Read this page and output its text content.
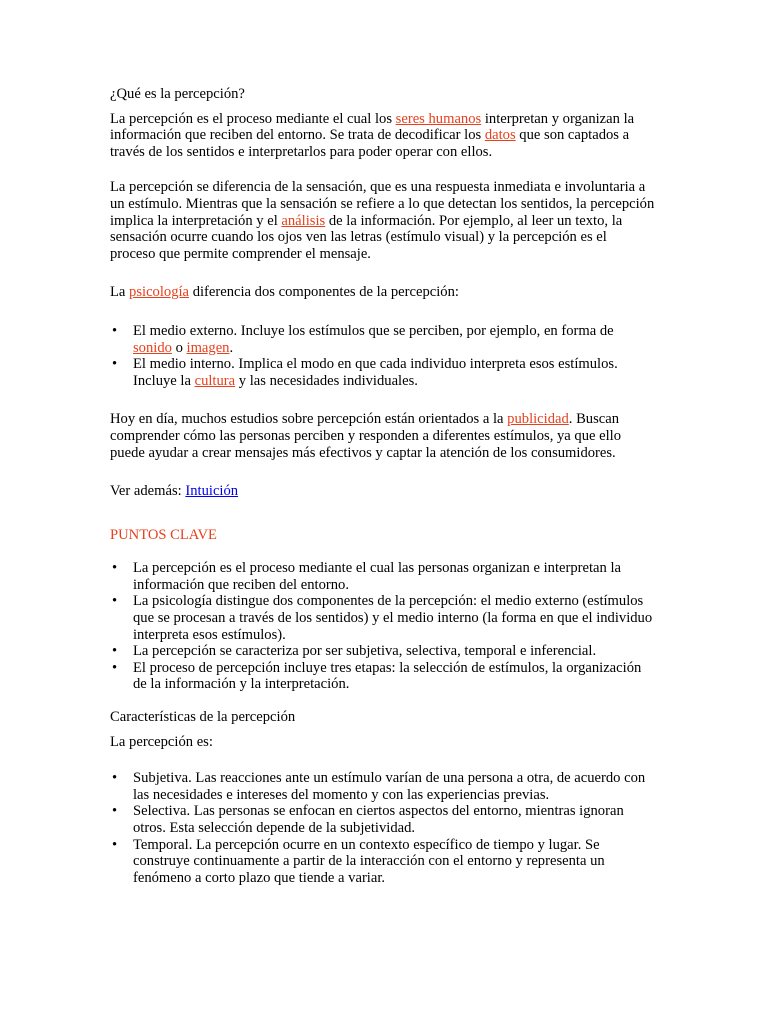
¿Qué es la percepción?

La percepción es el proceso mediante el cual los seres humanos interpretan y organizan la información que reciben del entorno. Se trata de decodificar los datos que son captados a través de los sentidos e interpretarlos para poder operar con ellos.

La percepción se diferencia de la sensación, que es una respuesta inmediata e involuntaria a un estímulo. Mientras que la sensación se refiere a lo que detectan los sentidos, la percepción implica la interpretación y el análisis de la información. Por ejemplo, al leer un texto, la sensación ocurre cuando los ojos ven las letras (estímulo visual) y la percepción es el proceso que permite comprender el mensaje.

La psicología diferencia dos componentes de la percepción:

• El medio externo. Incluye los estímulos que se perciben, por ejemplo, en forma de sonido o imagen.
• El medio interno. Implica el modo en que cada individuo interpreta esos estímulos. Incluye la cultura y las necesidades individuales.

Hoy en día, muchos estudios sobre percepción están orientados a la publicidad. Buscan comprender cómo las personas perciben y responden a diferentes estímulos, ya que ello puede ayudar a crear mensajes más efectivos y captar la atención de los consumidores.

Ver además: Intuición

PUNTOS CLAVE

• La percepción es el proceso mediante el cual las personas organizan e interpretan la información que reciben del entorno.
• La psicología distingue dos componentes de la percepción: el medio externo (estímulos que se procesan a través de los sentidos) y el medio interno (la forma en que el individuo interpreta esos estímulos).
• La percepción se caracteriza por ser subjetiva, selectiva, temporal e inferencial.
• El proceso de percepción incluye tres etapas: la selección de estímulos, la organización de la información y la interpretación.

Características de la percepción

La percepción es:

• Subjetiva. Las reacciones ante un estímulo varían de una persona a otra, de acuerdo con las necesidades e intereses del momento y con las experiencias previas.
• Selectiva. Las personas se enfocan en ciertos aspectos del entorno, mientras ignoran otros. Esta selección depende de la subjetividad.
• Temporal. La percepción ocurre en un contexto específico de tiempo y lugar. Se construye continuamente a partir de la interacción con el entorno y representa un fenómeno a corto plazo que tiende a variar.
